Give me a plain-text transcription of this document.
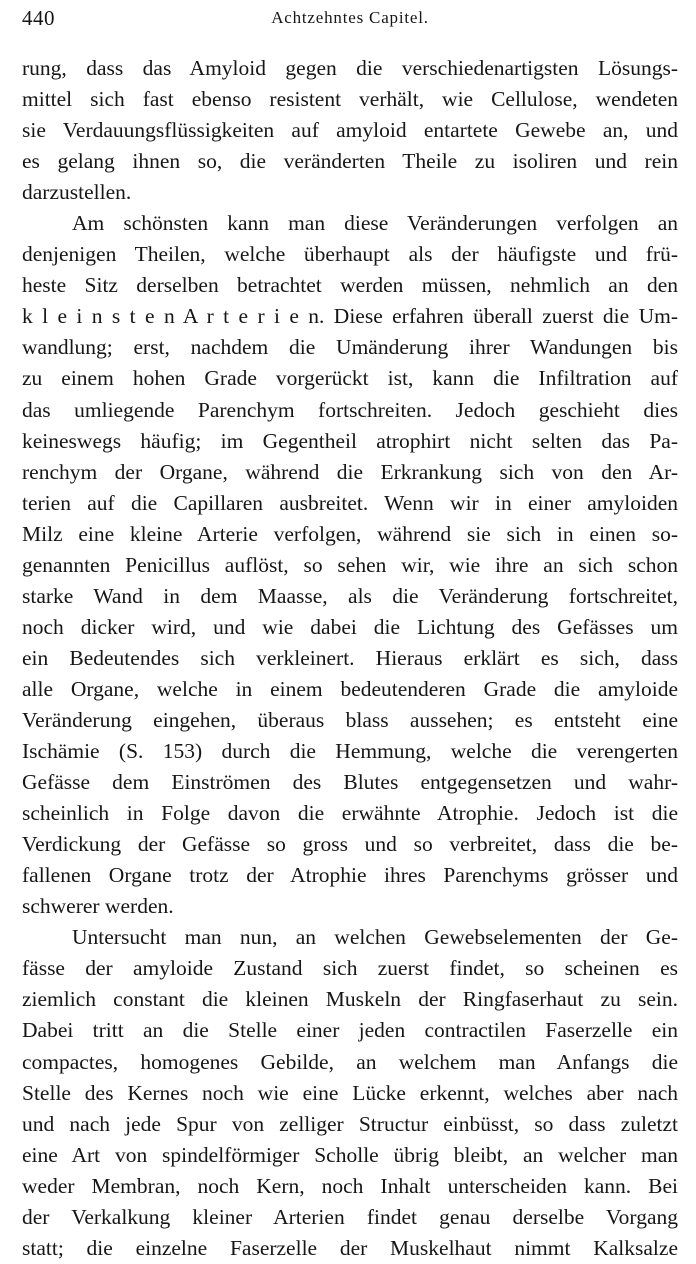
440	Achtzehntes Capitel.
rung, dass das Amyloid gegen die verschiedenartigsten Lösungs-
mittel sich fast ebenso resistent verhält, wie Cellulose, wendeten
sie Verdauungsflüssigkeiten auf amyloid entartete Gewebe an, und
es gelang ihnen so, die veränderten Theile zu isoliren und rein
darzustellen.
Am schönsten kann man diese Veränderungen verfolgen an
denjenigen Theilen, welche überhaupt als der häufigste und frü-
heste Sitz derselben betrachtet werden müssen, nehmlich an den
k l e i n s t e n A r t e r i e n. Diese erfahren überall zuerst die Um-
wandlung; erst, nachdem die Umänderung ihrer Wandungen bis
zu einem hohen Grade vorgerückt ist, kann die Infiltration auf
das umliegende Parenchym fortschreiten. Jedoch geschieht dies
keineswegs häufig; im Gegentheil atrophirt nicht selten das Pa-
renchym der Organe, während die Erkrankung sich von den Ar-
terien auf die Capillaren ausbreitet. Wenn wir in einer amyloiden
Milz eine kleine Arterie verfolgen, während sie sich in einen so-
genannten Penicillus auflöst, so sehen wir, wie ihre an sich schon
starke Wand in dem Maasse, als die Veränderung fortschreitet,
noch dicker wird, und wie dabei die Lichtung des Gefässes um
ein Bedeutendes sich verkleinert. Hieraus erklärt es sich, dass
alle Organe, welche in einem bedeutenderen Grade die amyloide
Veränderung eingehen, überaus blass aussehen; es entsteht eine
Ischämie (S. 153) durch die Hemmung, welche die verengerten
Gefässe dem Einströmen des Blutes entgegensetzen und wahr-
scheinlich in Folge davon die erwähnte Atrophie. Jedoch ist die
Verdickung der Gefässe so gross und so verbreitet, dass die be-
fallenen Organe trotz der Atrophie ihres Parenchyms grösser und
schwerer werden.
Untersucht man nun, an welchen Gewebselementen der Ge-
fässe der amyloide Zustand sich zuerst findet, so scheinen es
ziemlich constant die kleinen Muskeln der Ringfaserhaut zu sein.
Dabei tritt an die Stelle einer jeden contractilen Faserzelle ein
compactes, homogenes Gebilde, an welchem man Anfangs die
Stelle des Kernes noch wie eine Lücke erkennt, welches aber nach
und nach jede Spur von zelliger Structur einbüsst, so dass zuletzt
eine Art von spindelförmiger Scholle übrig bleibt, an welcher man
weder Membran, noch Kern, noch Inhalt unterscheiden kann. Bei
der Verkalkung kleiner Arterien findet genau derselbe Vorgang
statt; die einzelne Faserzelle der Muskelhaut nimmt Kalksalze
